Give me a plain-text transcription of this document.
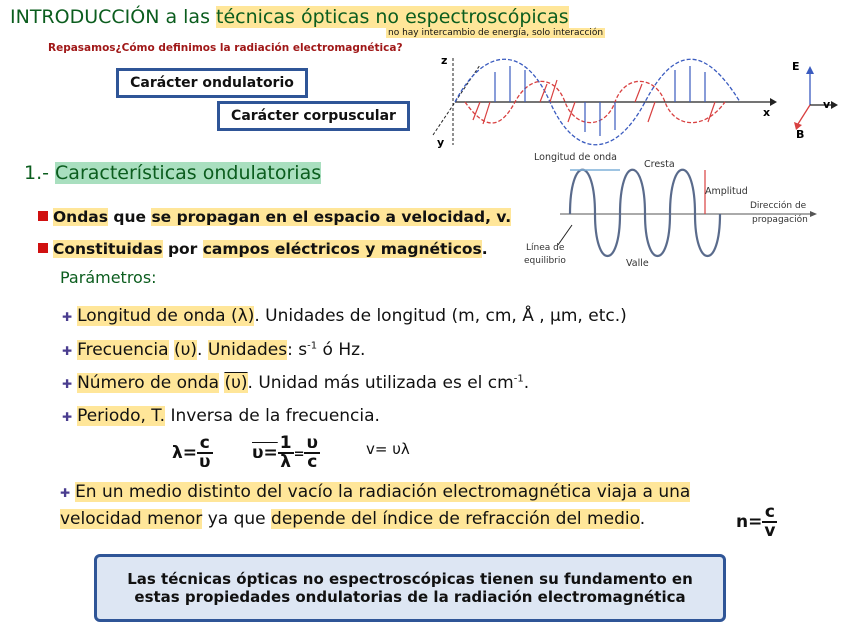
INTRODUCCIÓN a las técnicas ópticas no espectroscópicas
no hay intercambio de energía, solo interacción
Repasamos¿Cómo definimos la radiación electromagnética?
Carácter ondulatorio
Carácter corpuscular
z
y
x
E
v
B
1.- Características ondulatorias
Ondas que se propagan en el espacio a velocidad, v.
Constituidas por campos eléctricos y magnéticos.
Longitud de onda
Cresta
Amplitud
Dirección de
propagación
Línea de
equilibrio	Valle
Parámetros:
✚ Longitud de onda (λ). Unidades de longitud (m, cm, Å , μm, etc.)
✚ Frecuencia (υ). Unidades: $s^{-1}$ ó Hz.
✚ Número de onda (υ). Unidad más utilizada es el $cm^{-1}$.
✚ Periodo, T. Inversa de la frecuencia.
$\lambda= \frac{c}{\upsilon} \upsilon= \frac{1}{\lambda} = \frac{\upsilon}{c}$	v= υλ
✚ En un medio distinto del vacío la radiación electromagnética viaja a una
velocidad menor ya que depende del índice de refracción del medio.	$n= \frac{c}{v}$
Las técnicas ópticas no espectroscópicas tienen su fundamento en
estas propiedades ondulatorias de la radiación electromagnética
